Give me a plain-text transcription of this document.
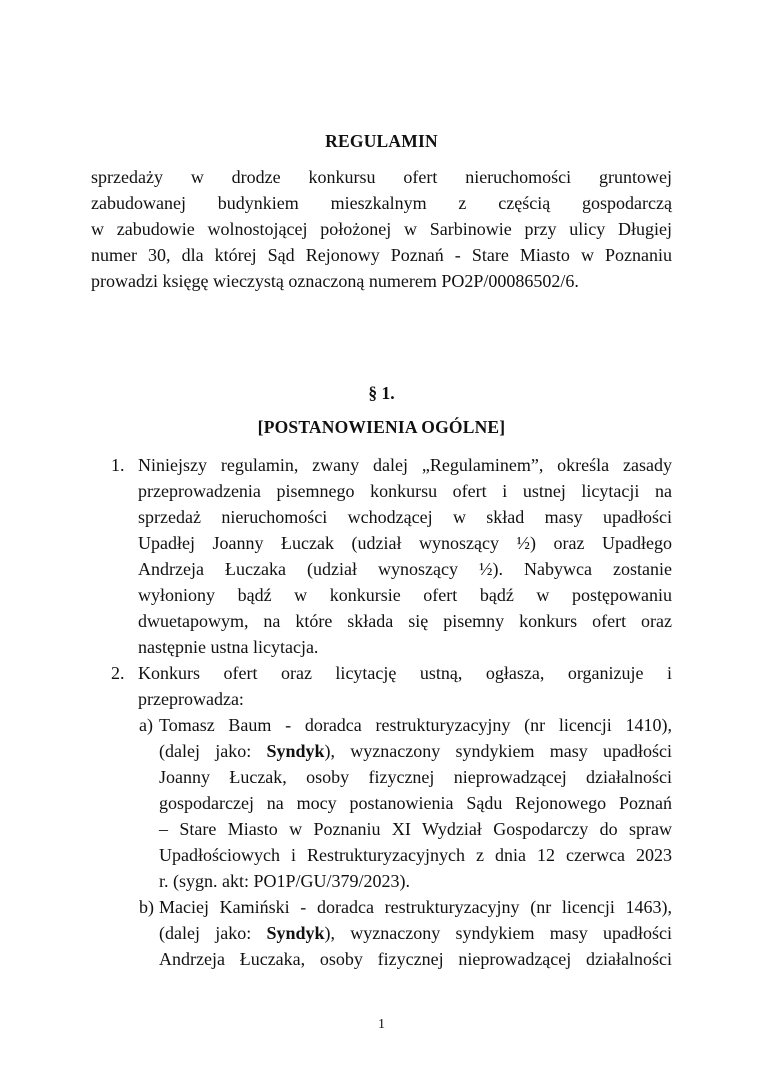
REGULAMIN
sprzedaży w drodze konkursu ofert nieruchomości gruntowej
zabudowanej budynkiem mieszkalnym z częścią gospodarczą
w zabudowie wolnostojącej położonej w Sarbinowie przy ulicy Długiej
numer 30, dla której Sąd Rejonowy Poznań - Stare Miasto w Poznaniu
prowadzi księgę wieczystą oznaczoną numerem PO2P/00086502/6.
§ 1.
[POSTANOWIENIA OGÓLNE]
1. Niniejszy regulamin, zwany dalej „Regulaminem”, określa zasady
przeprowadzenia pisemnego konkursu ofert i ustnej licytacji na
sprzedaż nieruchomości wchodzącej w skład masy upadłości
Upadłej Joanny Łuczak (udział wynoszący ½) oraz Upadłego
Andrzeja Łuczaka (udział wynoszący ½). Nabywca zostanie
wyłoniony bądź w konkursie ofert bądź w postępowaniu
dwuetapowym, na które składa się pisemny konkurs ofert oraz
następnie ustna licytacja.
2. Konkurs ofert oraz licytację ustną, ogłasza, organizuje i
przeprowadza:
a) Tomasz Baum - doradca restrukturyzacyjny (nr licencji 1410),
(dalej jako: Syndyk), wyznaczony syndykiem masy upadłości
Joanny Łuczak, osoby fizycznej nieprowadzącej działalności
gospodarczej na mocy postanowienia Sądu Rejonowego Poznań
– Stare Miasto w Poznaniu XI Wydział Gospodarczy do spraw
Upadłościowych i Restrukturyzacyjnych z dnia 12 czerwca 2023
r. (sygn. akt: PO1P/GU/379/2023).
b) Maciej Kamiński - doradca restrukturyzacyjny (nr licencji 1463),
(dalej jako: Syndyk), wyznaczony syndykiem masy upadłości
Andrzeja Łuczaka, osoby fizycznej nieprowadzącej działalności
1
